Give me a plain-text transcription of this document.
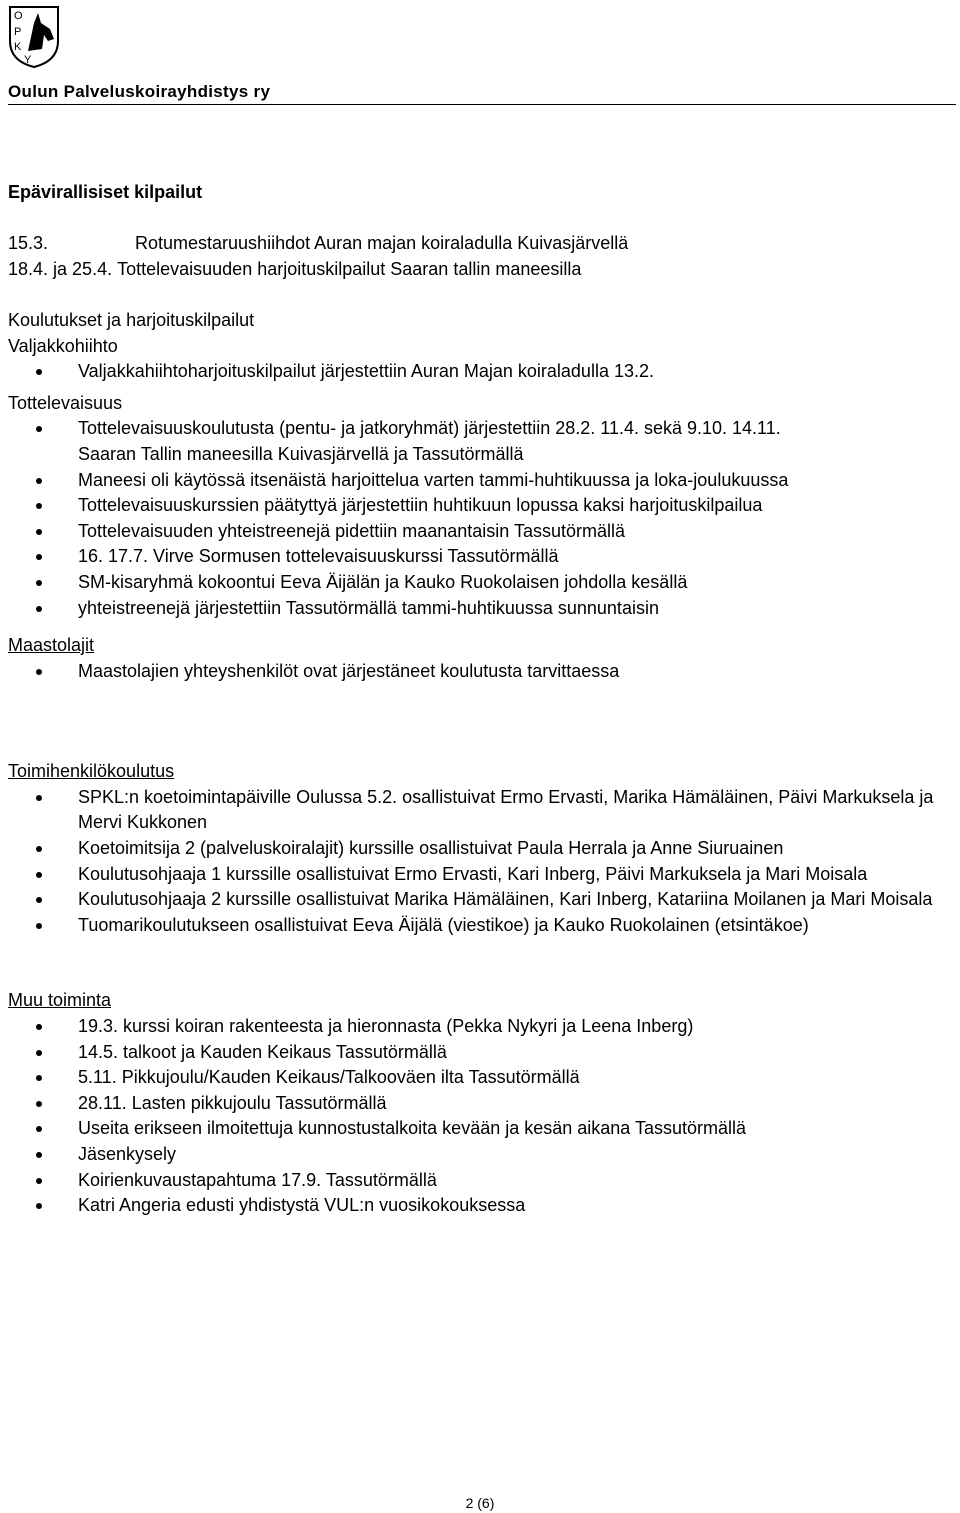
O
P
K
Y
Oulun Palveluskoirayhdistys ry

Epävirallisiset kilpailut

15.3.	Rotumestaruushiihdot Auran majan koiraladulla Kuivasjärvellä

18.4. ja 25.4.
Tottelevaisuuden harjoituskilpailut Saaran tallin maneesilla

Koulutukset ja harjoituskilpailut

Valjakkohiihto

Valjakkahiihtoharjoituskilpailut järjestettiin Auran Majan koiraladulla 13.2.

Tottelevaisuus

Tottelevaisuuskoulutusta (pentu- ja jatkoryhmät) järjestettiin 28.2. 11.4. sekä 9.10. 14.11.

Saaran Tallin maneesilla Kuivasjärvellä ja Tassutörmällä

Maneesi oli käytössä itsenäistä harjoittelua varten tammi-huhtikuussa ja loka-joulukuussa
Tottelevaisuuskurssien päätyttyä järjestettiin huhtikuun lopussa kaksi harjoituskilpailua
Tottelevaisuuden yhteistreenejä pidettiin maanantaisin Tassutörmällä
16. 17.7. Virve Sormusen tottelevaisuuskurssi Tassutörmällä
SM-kisaryhmä kokoontui Eeva Äijälän ja Kauko Ruokolaisen johdolla kesällä
yhteistreenejä järjestettiin Tassutörmällä tammi-huhtikuussa sunnuntaisin

Maastolajit

Maastolajien yhteyshenkilöt ovat järjestäneet koulutusta tarvittaessa

Toimihenkilökoulutus

SPKL:n koetoimintapäiville Oulussa 5.2. osallistuivat Ermo Ervasti, Marika Hämäläinen, Päivi Markuksela ja Mervi Kukkonen
Koetoimitsija 2 (palveluskoiralajit) kurssille osallistuivat Paula Herrala ja Anne Siuruainen
Koulutusohjaaja 1 kurssille osallistuivat Ermo Ervasti, Kari Inberg, Päivi Markuksela ja Mari Moisala
Koulutusohjaaja 2 kurssille osallistuivat Marika Hämäläinen, Kari Inberg, Katariina Moilanen ja Mari Moisala
Tuomarikoulutukseen osallistuivat Eeva Äijälä (viestikoe) ja Kauko Ruokolainen (etsintäkoe)

Muu toiminta

19.3. kurssi koiran rakenteesta ja hieronnasta (Pekka Nykyri ja Leena Inberg)
14.5. talkoot ja Kauden Keikaus Tassutörmällä
5.11. Pikkujoulu/Kauden Keikaus/Talkooväen ilta Tassutörmällä
28.11. Lasten pikkujoulu Tassutörmällä
Useita erikseen ilmoitettuja kunnostustalkoita kevään ja kesän aikana Tassutörmällä
Jäsenkysely
Koirienkuvaustapahtuma 17.9. Tassutörmällä
Katri Angeria edusti yhdistystä VUL:n vuosikokouksessa
2 (6)
